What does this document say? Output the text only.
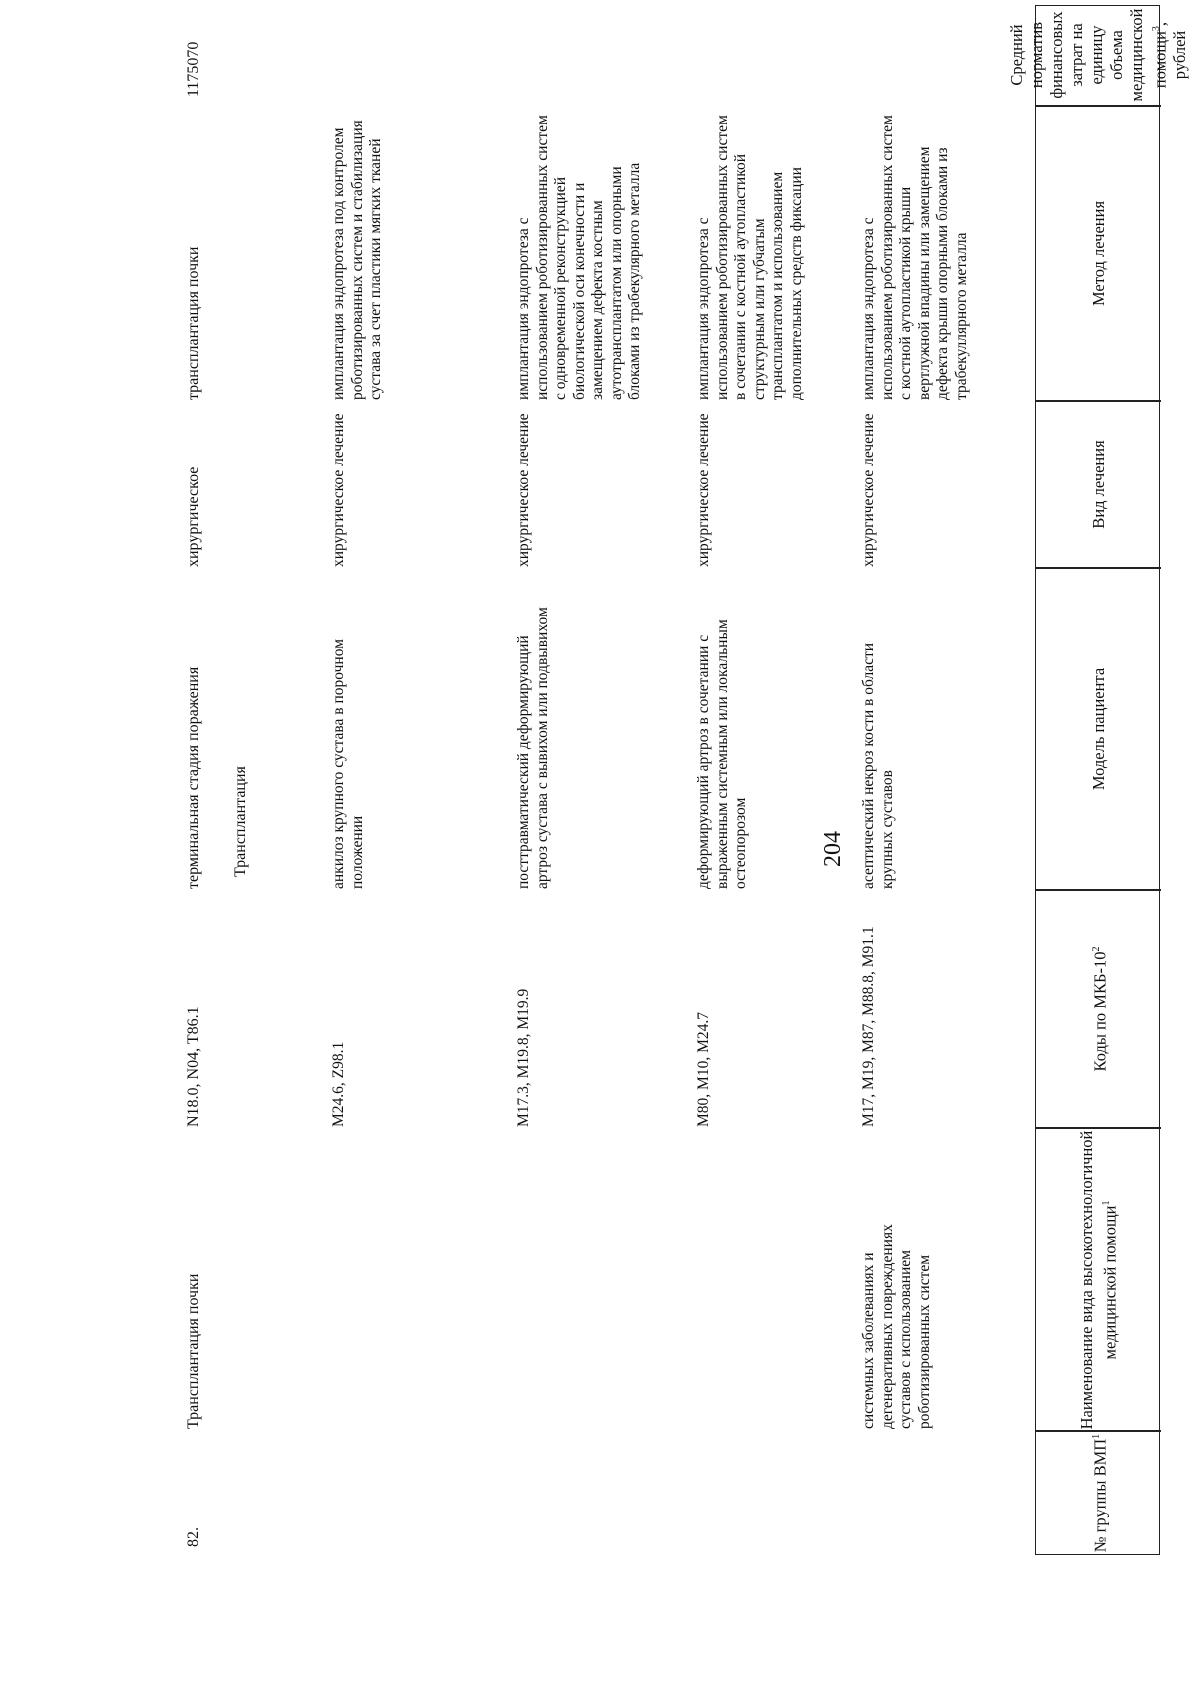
204
№ группы ВМП$^1$
Наименование вида высокотехнологичной медицинской помощи$^1$
Коды по МКБ-$10^2$
Модель пациента
Вид лечения
Метод лечения
Средний норматив финансовых затрат на единицу объема медицинской помощи$^3$, рублей
системных заболеваниях и дегенеративных повреждениях суставов с использованием роботизированных систем
M17, M19, M87, M88.8, M91.1
асептический некроз кости в области крупных суставов
хирургическое лечение
имплантация эндопротеза с использованием роботизированных систем с костной аутопластикой крыши вертлужной впадины или замещением дефекта крыши опорными блоками из трабекуллярного металла
M80, M10, M24.7
деформирующий артроз в сочетании с выраженным системным или локальным остеопорозом
хирургическое лечение
имплантация эндопротеза с использованием роботизированных систем в сочетании с костной аутопластикой структурным или губчатым трансплантатом и использованием дополнительных средств фиксации
M17.3, M19.8, M19.9
посттравматический деформирующий артроз сустава с вывихом или подвывихом
хирургическое лечение
имплантация эндопротеза с использованием роботизированных систем с одновременной реконструкцией биологической оси конечности и замещением дефекта костным аутотрансплантатом или опорными блоками из трабекулярного металла
M24.6, Z98.1
анкилоз крупного сустава в порочном положении
хирургическое лечение
имплантация эндопротеза под контролем роботизированных систем и стабилизация сустава за счет пластики мягких тканей
Трансплантация
82.
Трансплантация почки
N18.0, N04, T86.1
терминальная стадия поражения
хирургическое
трансплантация почки
1175070
